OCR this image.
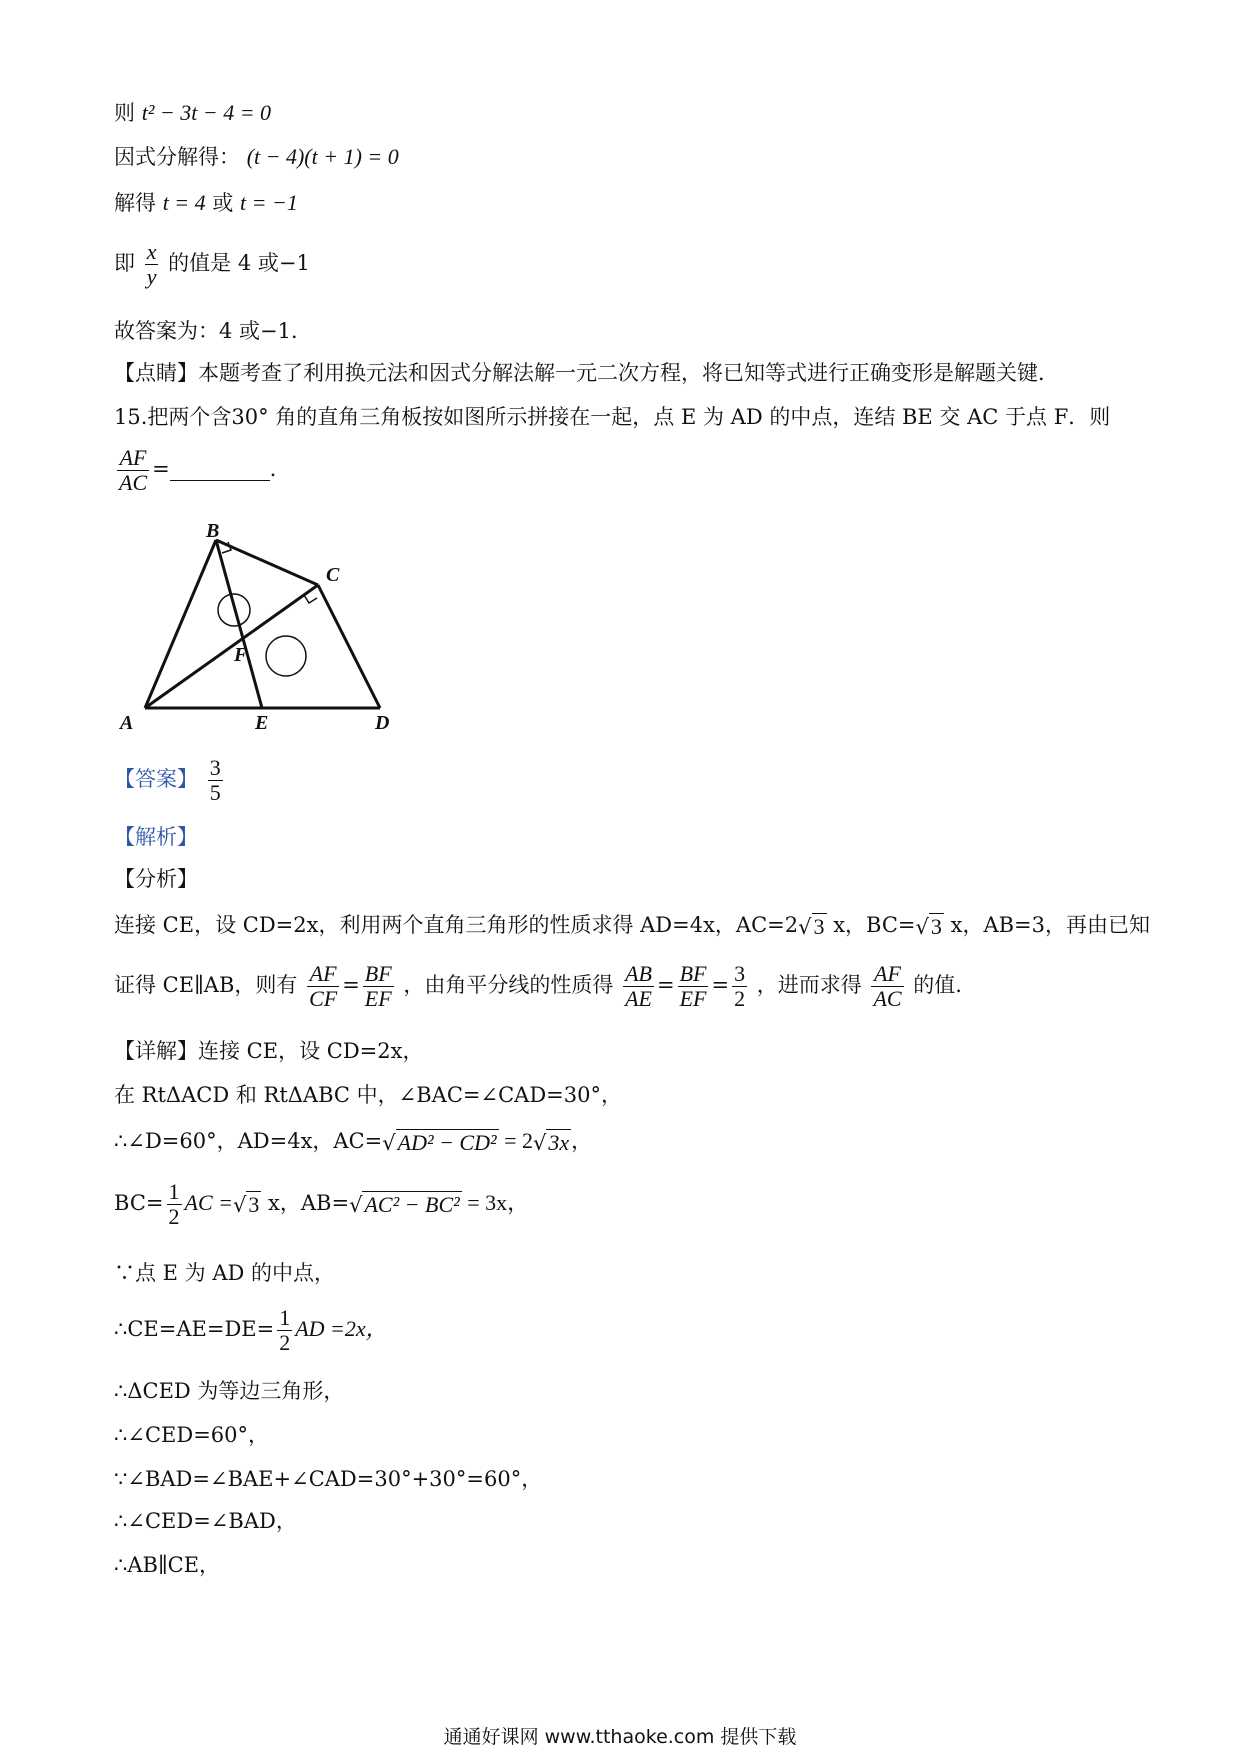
则 t² − 3t − 4 = 0
因式分解得： (t − 4)(t + 1) = 0
解得 t = 4 或 t = −1
即 $\frac{x}{y}$ 的值是 4 或−1
故答案为：4 或−1．
【点睛】本题考查了利用换元法和因式分解法解一元二次方程，将已知等式进行正确变形是解题关键．
15.把两个含30° 角的直角三角板按如图所示拼接在一起，点 E 为 AD 的中点，连结 BE 交 AC 于点 F．则
$\frac{AF}{AC}$ =	．
B
C
F
A	E	D
【答案】 $\frac{3}{5}$
【解析】
【分析】
连接 CE，设 CD=2x，利用两个直角三角形的性质求得 AD=4x，AC=2√3 x，BC=√3 x，AB=3，再由已知
证得 CE∥AB，则有 $\frac{AF}{CF} = \frac{BF}{EF}$ ，由角平分线的性质得 $\frac{AB}{AE} = \frac{BF}{EF} = \frac{3}{2}$ ，进而求得 $\frac{AF}{AC}$ 的值.
【详解】连接 CE，设 CD=2x，
在 RtΔACD 和 RtΔABC 中，∠BAC=∠CAD=30°，
∴∠D=60°，AD=4x，AC=√AD² − CD² = 2√3x，
$BC= \frac{1}{2}$ AC =√3 x，AB=√AC² − BC² = 3x，
∵点 E 为 AD 的中点，
∴CE=AE=DE= $\frac{1}{2}$ AD =2x，
∴ΔCED 为等边三角形，
∴∠CED=60°，
∵∠BAD=∠BAE+∠CAD=30°+30°=60°，
∴∠CED=∠BAD，
∴AB∥CE，
通通好课网 www.tthaoke.com 提供下载
